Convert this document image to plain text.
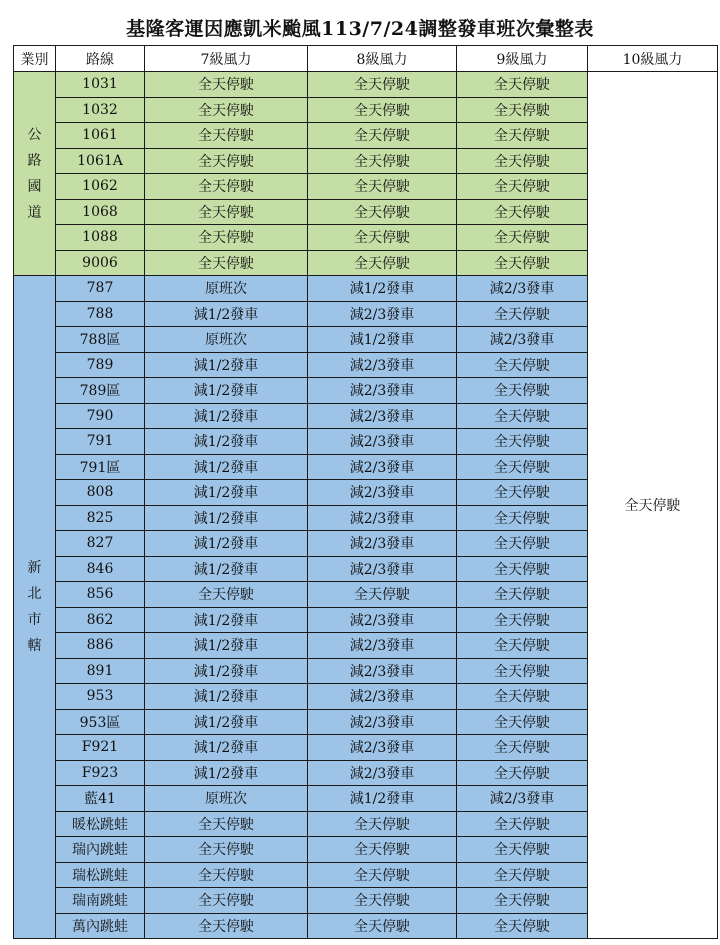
基隆客運因應凱米颱風113/7/24調整發車班次彙整表
業別	路線	7級風力	8級風力	9級風力	10級風力

公
路
國
道	1031	全天停駛	全天停駛	全天停駛	全天停駛
	1032	全天停駛	全天停駛	全天停駛	
	1061	全天停駛	全天停駛	全天停駛	
	1061A	全天停駛	全天停駛	全天停駛	
	1062	全天停駛	全天停駛	全天停駛	
	1068	全天停駛	全天停駛	全天停駛	
	1088	全天停駛	全天停駛	全天停駛	
	9006	全天停駛	全天停駛	全天停駛	

新
北
市
轄	787	原班次	減1/2發車	減2/3發車	
	788	減1/2發車	減2/3發車	全天停駛	
	788區	原班次	減1/2發車	減2/3發車	
	789	減1/2發車	減2/3發車	全天停駛	
	789區	減1/2發車	減2/3發車	全天停駛	
	790	減1/2發車	減2/3發車	全天停駛	
	791	減1/2發車	減2/3發車	全天停駛	
	791區	減1/2發車	減2/3發車	全天停駛	
	808	減1/2發車	減2/3發車	全天停駛	
	825	減1/2發車	減2/3發車	全天停駛	
	827	減1/2發車	減2/3發車	全天停駛	
	846	減1/2發車	減2/3發車	全天停駛	
	856	全天停駛	全天停駛	全天停駛	
	862	減1/2發車	減2/3發車	全天停駛	
	886	減1/2發車	減2/3發車	全天停駛	
	891	減1/2發車	減2/3發車	全天停駛	
	953	減1/2發車	減2/3發車	全天停駛	
	953區	減1/2發車	減2/3發車	全天停駛	
	F921	減1/2發車	減2/3發車	全天停駛	
	F923	減1/2發車	減2/3發車	全天停駛	
	藍41	原班次	減1/2發車	減2/3發車	
	暖松跳蛙	全天停駛	全天停駛	全天停駛	
	瑞內跳蛙	全天停駛	全天停駛	全天停駛	
	瑞松跳蛙	全天停駛	全天停駛	全天停駛	
	瑞南跳蛙	全天停駛	全天停駛	全天停駛	
	萬內跳蛙	全天停駛	全天停駛	全天停駛	
